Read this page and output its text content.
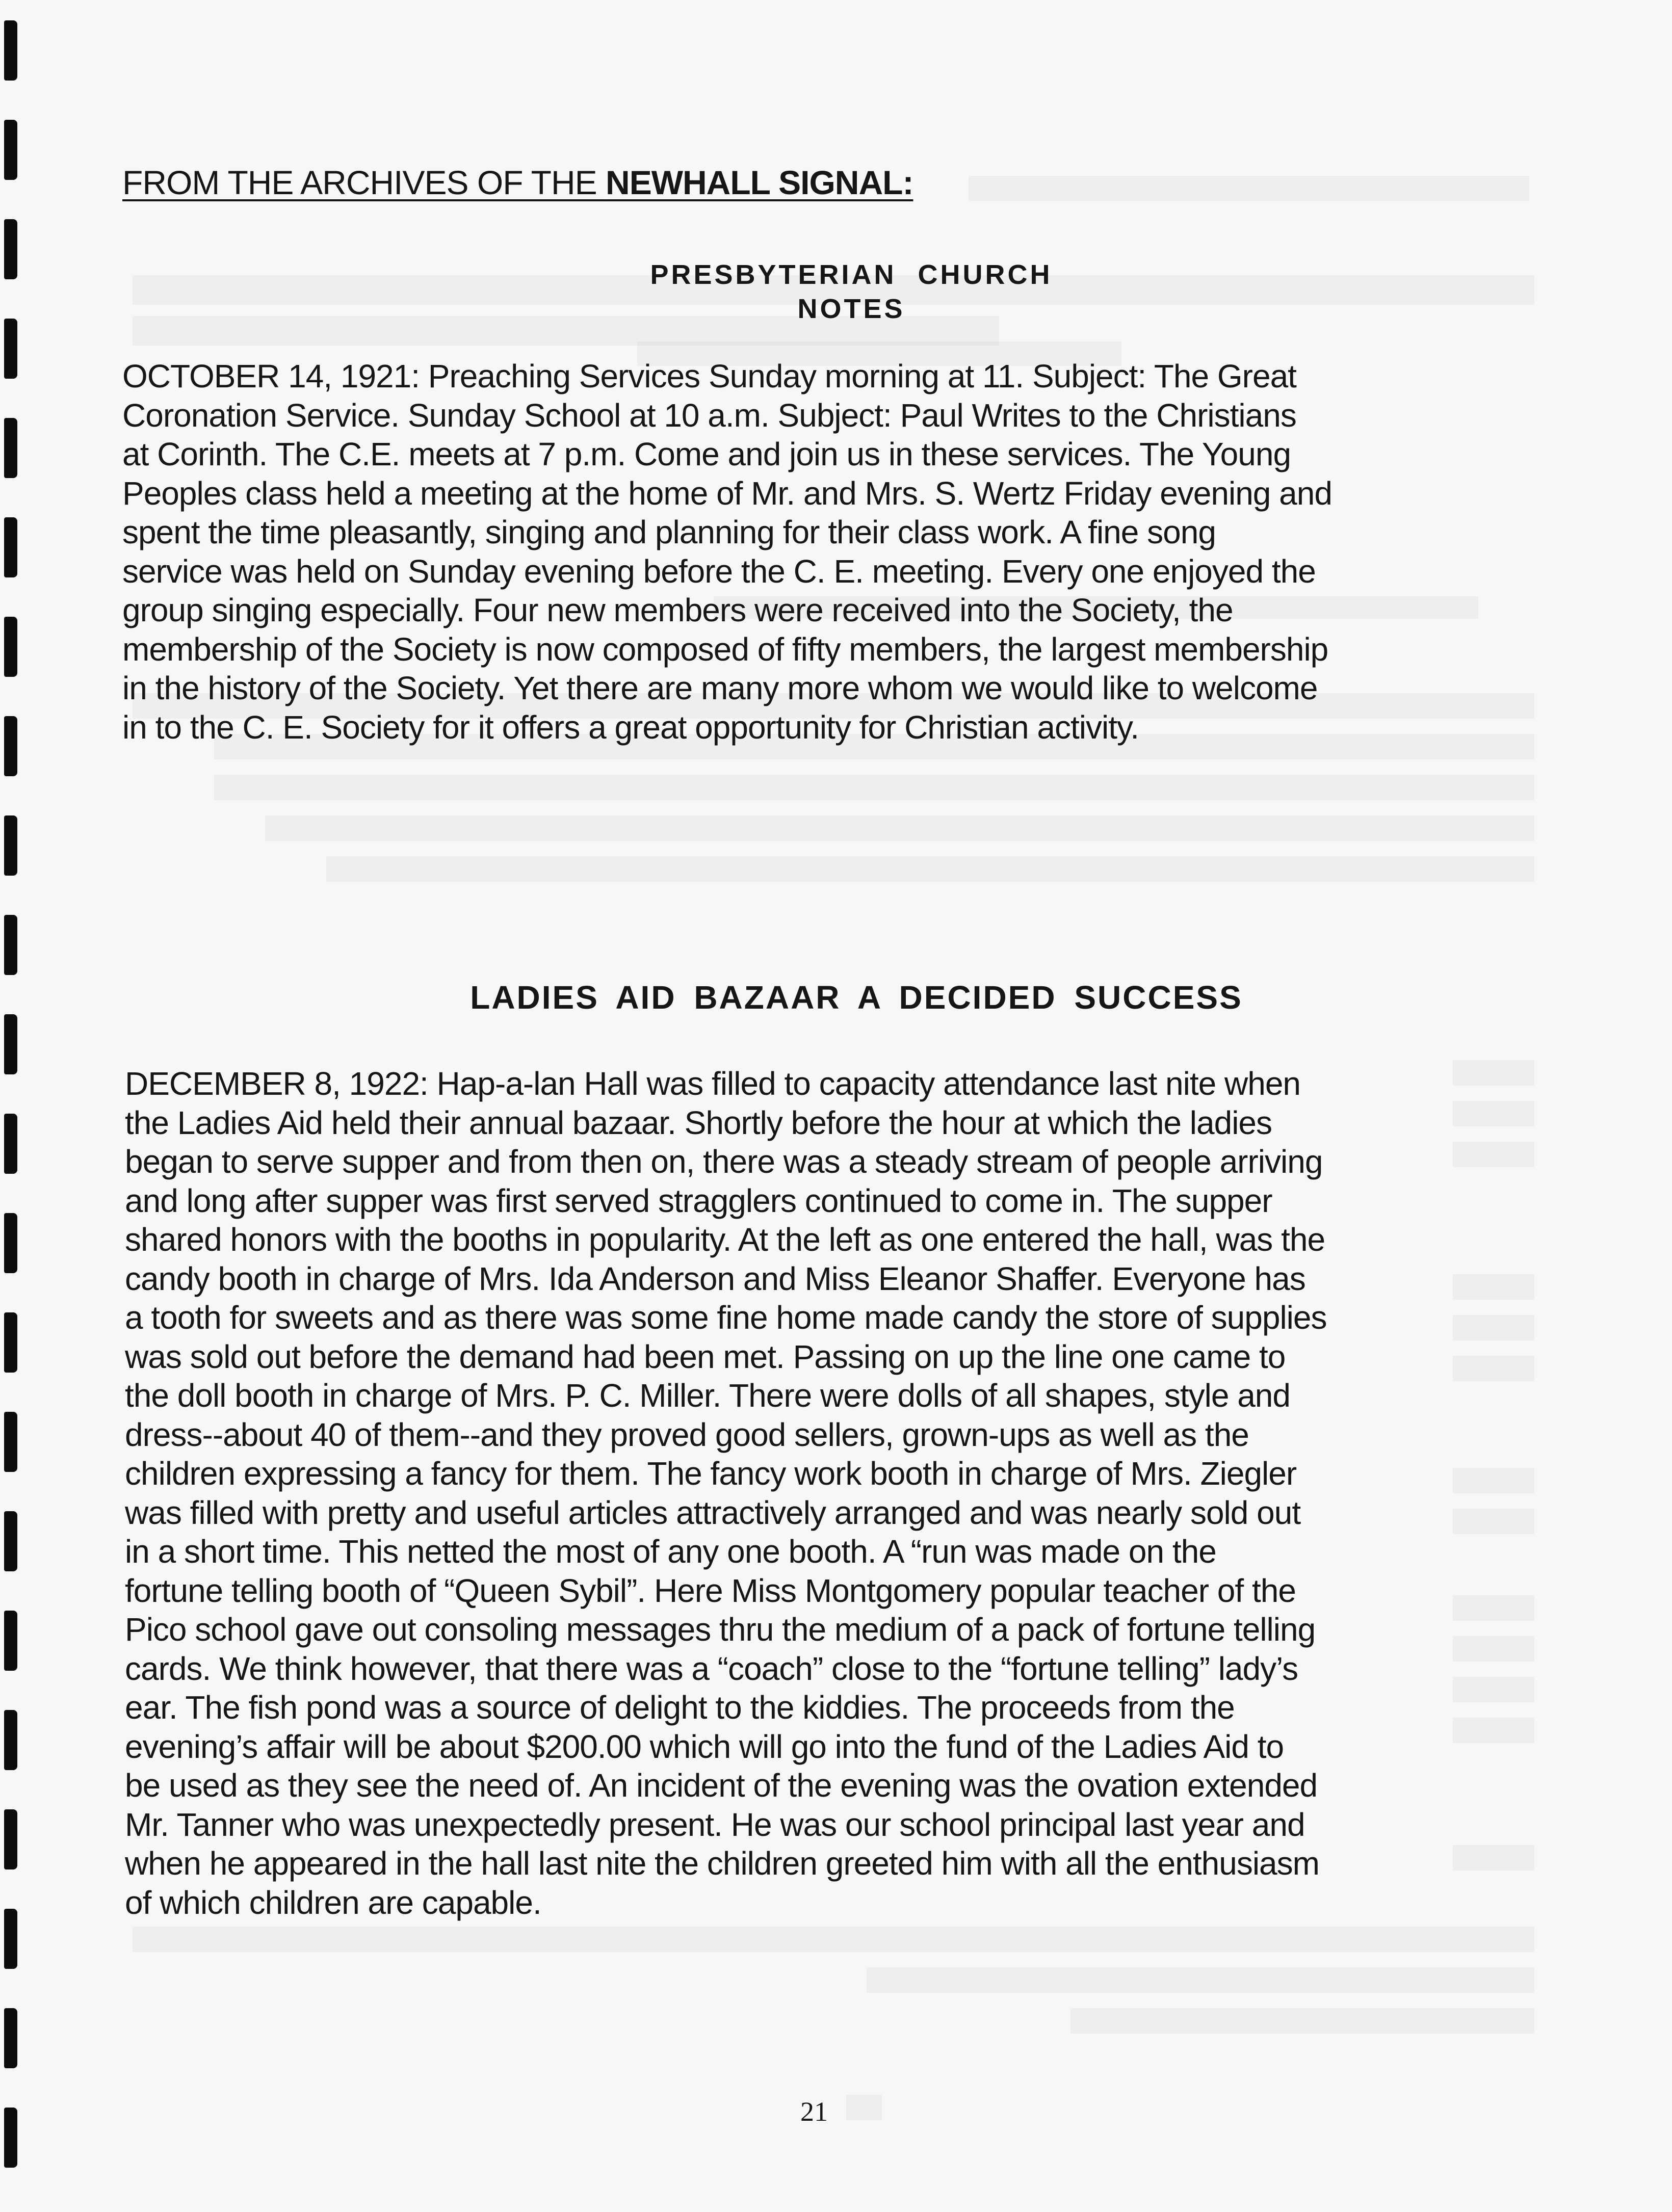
FROM THE ARCHIVES OF THE NEWHALL SIGNAL:
PRESBYTERIAN CHURCH
NOTES
OCTOBER 14, 1921: Preaching Services Sunday morning at 11. Subject: The Great
Coronation Service. Sunday School at 10 a.m. Subject: Paul Writes to the Christians
at Corinth. The C.E. meets at 7 p.m. Come and join us in these services. The Young
Peoples class held a meeting at the home of Mr. and Mrs. S. Wertz Friday evening and
spent the time pleasantly, singing and planning for their class work. A fine song
service was held on Sunday evening before the C. E. meeting. Every one enjoyed the
group singing especially. Four new members were received into the Society, the
membership of the Society is now composed of fifty members, the largest membership
in the history of the Society. Yet there are many more whom we would like to welcome
in to the C. E. Society for it offers a great opportunity for Christian activity.
LADIES AID BAZAAR A DECIDED SUCCESS
DECEMBER 8, 1922: Hap-a-lan Hall was filled to capacity attendance last nite when
the Ladies Aid held their annual bazaar. Shortly before the hour at which the ladies
began to serve supper and from then on, there was a steady stream of people arriving
and long after supper was first served stragglers continued to come in. The supper
shared honors with the booths in popularity. At the left as one entered the hall, was the
candy booth in charge of Mrs. Ida Anderson and Miss Eleanor Shaffer. Everyone has
a tooth for sweets and as there was some fine home made candy the store of supplies
was sold out before the demand had been met. Passing on up the line one came to
the doll booth in charge of Mrs. P. C. Miller. There were dolls of all shapes, style and
dress--about 40 of them--and they proved good sellers, grown-ups as well as the
children expressing a fancy for them. The fancy work booth in charge of Mrs. Ziegler
was filled with pretty and useful articles attractively arranged and was nearly sold out
in a short time. This netted the most of any one booth. A “run was made on the
fortune telling booth of “Queen Sybil”. Here Miss Montgomery popular teacher of the
Pico school gave out consoling messages thru the medium of a pack of fortune telling
cards. We think however, that there was a “coach” close to the “fortune telling” lady’s
ear. The fish pond was a source of delight to the kiddies. The proceeds from the
evening’s affair will be about $200.00 which will go into the fund of the Ladies Aid to
be used as they see the need of. An incident of the evening was the ovation extended
Mr. Tanner who was unexpectedly present. He was our school principal last year and
when he appeared in the hall last nite the children greeted him with all the enthusiasm
of which children are capable.
21
